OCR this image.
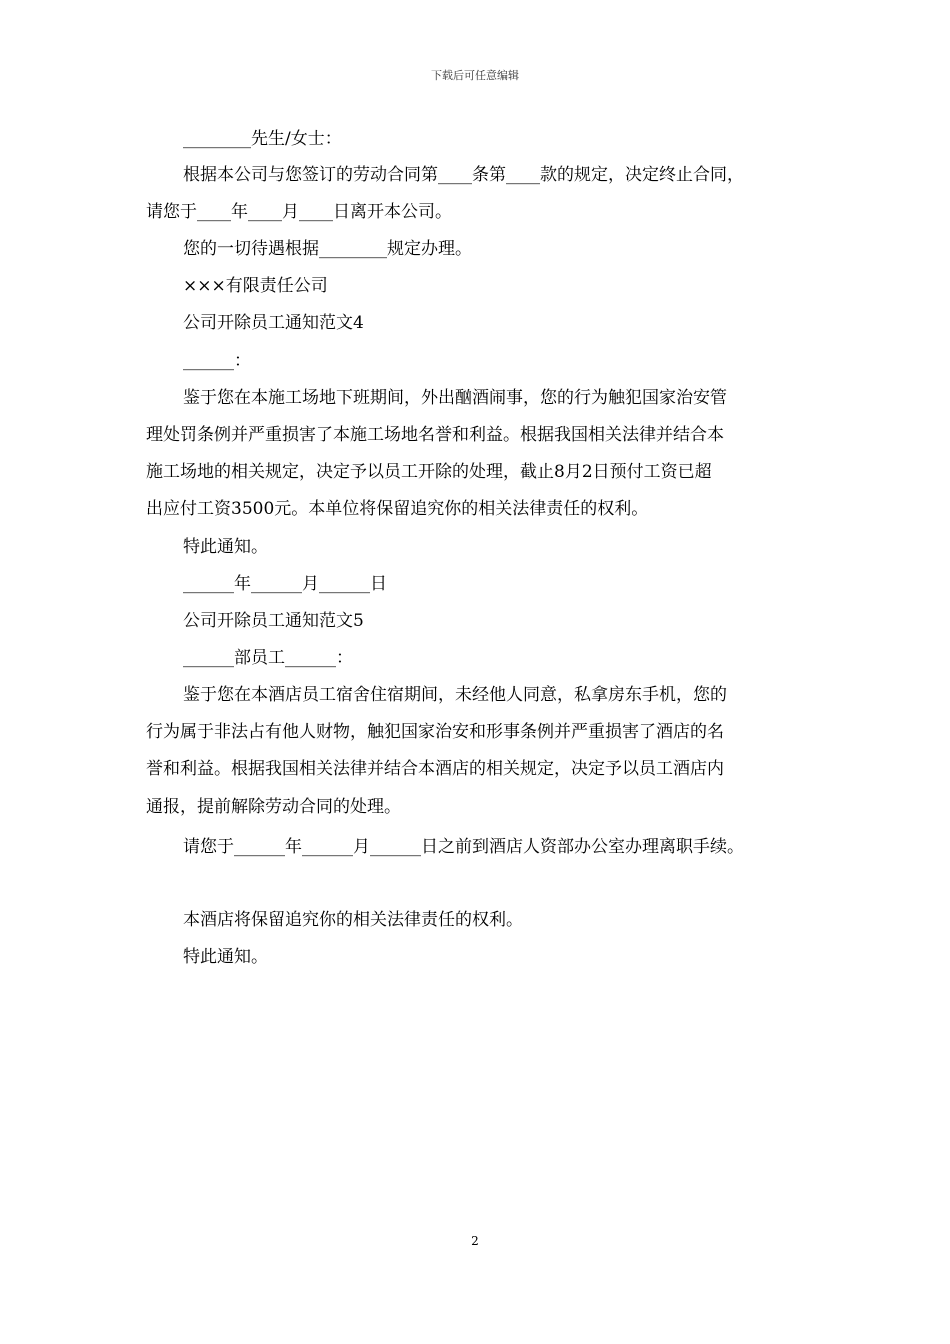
下载后可任意编辑
________先生/女士：
根据本公司与您签订的劳动合同第____条第____款的规定，决定终止合同，
请您于____年____月____日离开本公司。
您的一切待遇根据________规定办理。
×××有限责任公司
公司开除员工通知范文4
______：
鉴于您在本施工场地下班期间，外出酗酒闹事，您的行为触犯国家治安管
理处罚条例并严重损害了本施工场地名誉和利益。根据我国相关法律并结合本
施工场地的相关规定，决定予以员工开除的处理，截止8月2日预付工资已超
出应付工资3500元。本单位将保留追究你的相关法律责任的权利。
特此通知。
______年______月______日
公司开除员工通知范文5
______部员工______：
鉴于您在本酒店员工宿舍住宿期间，未经他人同意，私拿房东手机，您的
行为属于非法占有他人财物，触犯国家治安和形事条例并严重损害了酒店的名
誉和利益。根据我国相关法律并结合本酒店的相关规定，决定予以员工酒店内
通报，提前解除劳动合同的处理。
请您于______年______月______日之前到酒店人资部办公室办理离职手续。
本酒店将保留追究你的相关法律责任的权利。
特此通知。
2
